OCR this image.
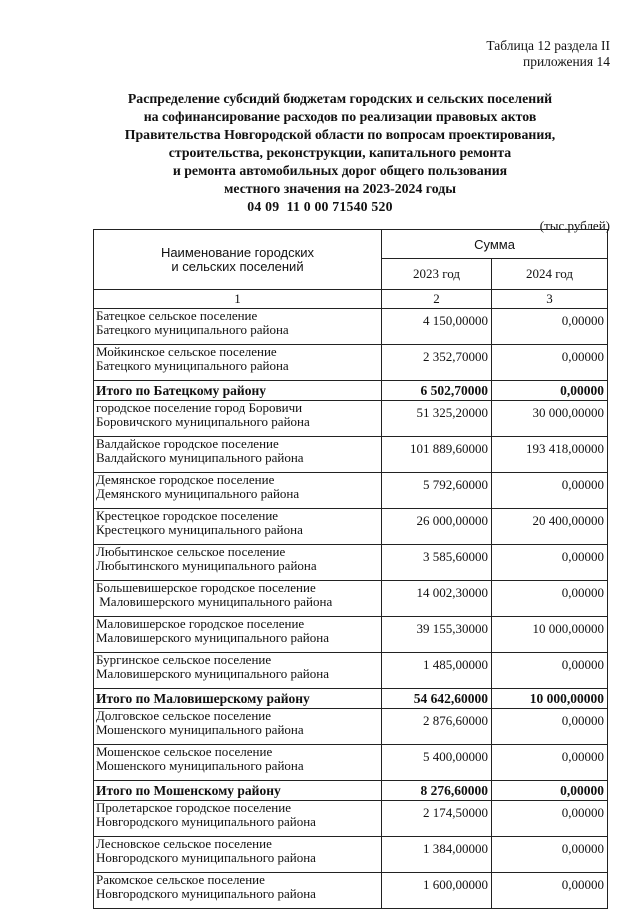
Таблица 12 раздела II
приложения 14
Распределение субсидий бюджетам городских и сельских поселений
на софинансирование расходов по реализации правовых актов
Правительства Новгородской области по вопросам проектирования,
строительства, реконструкции, капитального ремонта
и ремонта автомобильных дорог общего пользования
местного значения на 2023-2024 годы
04 09  11 0 00 71540 520
(тыс.рублей)
Наименование городских
и сельских поселений	Сумма	
	2023 год	2024 год
1	2	3

Батецкое сельское поселение
Батецкого муниципального района	4 150,00000	0,00000

Мойкинское сельское поселение
Батецкого муниципального района	2 352,70000	0,00000

Итого по Батецкому району	6 502,70000	0,00000

городское поселение город Боровичи
Боровичского муниципального района	51 325,20000	30 000,00000

Валдайское городское поселение
Валдайского муниципального района	101 889,60000	193 418,00000

Демянское городское поселение
Демянского муниципального района	5 792,60000	0,00000

Крестецкое городское поселение
Крестецкого муниципального района	26 000,00000	20 400,00000

Любытинское сельское поселение
Любытинского муниципального района	3 585,60000	0,00000

Большевишерское городское поселение
Маловишерского муниципального района	14 002,30000	0,00000

Маловишерское городское поселение
Маловишерского муниципального района	39 155,30000	10 000,00000

Бургинское сельское поселение
Маловишерского муниципального района	1 485,00000	0,00000

Итого по Маловишерскому району	54 642,60000	10 000,00000

Долговское сельское поселение
Мошенского муниципального района	2 876,60000	0,00000

Мошенское сельское поселение
Мошенского муниципального района	5 400,00000	0,00000

Итого по Мошенскому району	8 276,60000	0,00000

Пролетарское городское поселение
Новгородского муниципального района	2 174,50000	0,00000

Лесновское сельское поселение
Новгородского муниципального района	1 384,00000	0,00000

Ракомское сельское поселение
Новгородского муниципального района	1 600,00000	0,00000
